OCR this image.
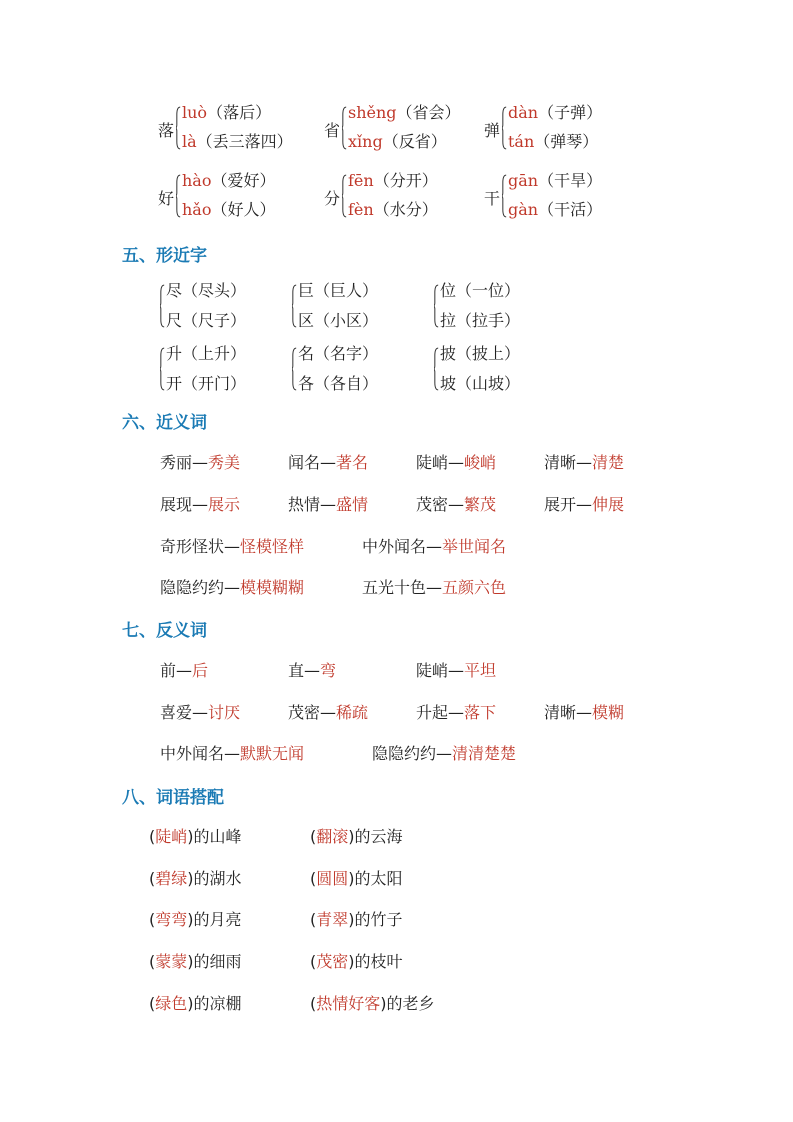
落
luò（落后）
là（丢三落四）
省
shěng（省会）
xǐng（反省）
弹
dàn（子弹）
tán（弹琴）
好
hào（爱好）
hǎo（好人）
分
fēn（分开）
fèn（水分）
干
gān（干旱）
gàn（干活）
五、形近字
尽（尽头）
尺（尺子）
巨（巨人）
区（小区）
位（一位）
拉（拉手）
升（上升）
开（开门）
名（名字）
各（各自）
披（披上）
坡（山坡）
六、近义词
秀丽—秀美	闻名—著名	陡峭—峻峭	清晰—清楚
展现—展示	热情—盛情	茂密—繁茂	展开—伸展
奇形怪状—怪模怪样	中外闻名—举世闻名
隐隐约约—模模糊糊	五光十色—五颜六色
七、反义词
前—后	直—弯	陡峭—平坦
喜爱—讨厌	茂密—稀疏	升起—落下	清晰—模糊
中外闻名—默默无闻	隐隐约约—清清楚楚
八、词语搭配
(陡峭)的山峰	(翻滚)的云海
(碧绿)的湖水	(圆圆)的太阳
(弯弯)的月亮	(青翠)的竹子
(蒙蒙)的细雨	(茂密)的枝叶
(绿色)的凉棚	(热情好客)的老乡
